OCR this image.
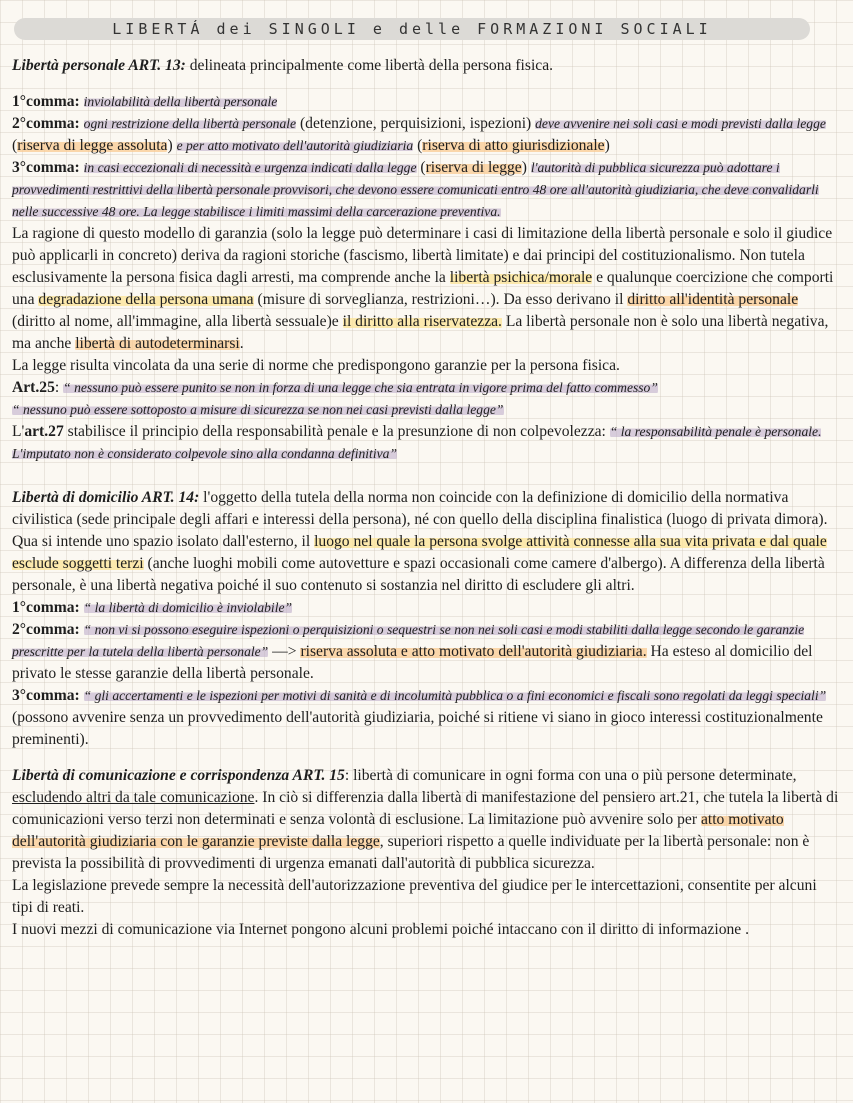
LIBERTÁ dei SINGOLI e delle FORMAZIONI SOCIALI

Libertà personale ART. 13: delineata principalmente come libertà della persona fisica.

1°comma: inviolabilità della libertà personale

2°comma: ogni restrizione della libertà personale (detenzione, perquisizioni, ispezioni) deve avvenire nei soli casi e modi previsti dalla legge (riserva di legge assoluta) e per atto motivato dell'autorità giudiziaria (riserva di atto giurisdizionale)

3°comma: in casi eccezionali di necessità e urgenza indicati dalla legge (riserva di legge) l'autorità di pubblica sicurezza può adottare i provvedimenti restrittivi della libertà personale provvisori, che devono essere comunicati entro 48 ore all'autorità giudiziaria, che deve convalidarli nelle successive 48 ore. La legge stabilisce i limiti massimi della carcerazione preventiva.

La ragione di questo modello di garanzia (solo la legge può determinare i casi di limitazione della libertà personale e solo il giudice può applicarli in concreto) deriva da ragioni storiche (fascismo, libertà limitate) e dai principi del costituzionalismo. Non tutela esclusivamente la persona fisica dagli arresti, ma comprende anche la libertà psichica/morale e qualunque coercizione che comporti una degradazione della persona umana (misure di sorveglianza, restrizioni…). Da esso derivano il diritto all'identità personale (diritto al nome, all'immagine, alla libertà sessuale)e il diritto alla riservatezza. La libertà personale non è solo una libertà negativa, ma anche libertà di autodeterminarsi.

La legge risulta vincolata da una serie di norme che predispongono garanzie per la persona fisica.

Art.25: “ nessuno può essere punito se non in forza di una legge che sia entrata in vigore prima del fatto commesso”

“ nessuno può essere sottoposto a misure di sicurezza se non nei casi previsti dalla legge”

L'art.27 stabilisce il principio della responsabilità penale e la presunzione di non colpevolezza: “ la responsabilità penale è personale. L'imputato non è considerato colpevole sino alla condanna definitiva”

Libertà di domicilio ART. 14: l'oggetto della tutela della norma non coincide con la definizione di domicilio della normativa civilistica (sede principale degli affari e interessi della persona), né con quello della disciplina finalistica (luogo di privata dimora). Qua si intende uno spazio isolato dall'esterno, il luogo nel quale la persona svolge attività connesse alla sua vita privata e dal quale esclude soggetti terzi (anche luoghi mobili come autovetture e spazi occasionali come camere d'albergo). A differenza della libertà personale, è una libertà negativa poiché il suo contenuto si sostanzia nel diritto di escludere gli altri.

1°comma: “ la libertà di domicilio è inviolabile”

2°comma: “ non vi si possono eseguire ispezioni o perquisizioni o sequestri se non nei soli casi e modi stabiliti dalla legge secondo le garanzie prescritte per la tutela della libertà personale” —> riserva assoluta e atto motivato dell'autorità giudiziaria. Ha esteso al domicilio del privato le stesse garanzie della libertà personale.

3°comma: “ gli accertamenti e le ispezioni per motivi di sanità e di incolumità pubblica o a fini economici e fiscali sono regolati da leggi speciali” (possono avvenire senza un provvedimento dell'autorità giudiziaria, poiché si ritiene vi siano in gioco interessi costituzionalmente preminenti).

Libertà di comunicazione e corrispondenza ART. 15: libertà di comunicare in ogni forma con una o più persone determinate, escludendo altri da tale comunicazione. In ciò si differenzia dalla libertà di manifestazione del pensiero art.21, che tutela la libertà di comunicazioni verso terzi non determinati e senza volontà di esclusione. La limitazione può avvenire solo per atto motivato dell'autorità giudiziaria con le garanzie previste dalla legge, superiori rispetto a quelle individuate per la libertà personale: non è prevista la possibilità di provvedimenti di urgenza emanati dall'autorità di pubblica sicurezza.

La legislazione prevede sempre la necessità dell'autorizzazione preventiva del giudice per le intercettazioni, consentite per alcuni tipi di reati.

I nuovi mezzi di comunicazione via Internet pongono alcuni problemi poiché intaccano con il diritto di informazione .
